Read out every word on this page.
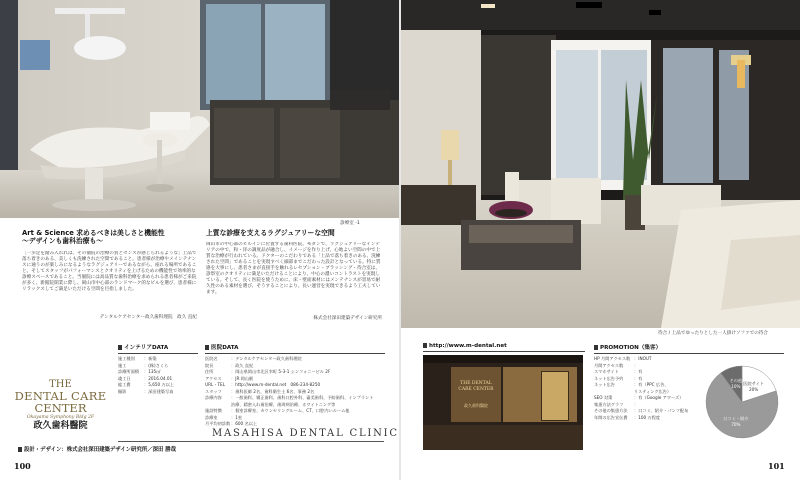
診療室 -1
Art & Science 求めるべきは美しさと機能性
〜デザインも歯科治療も〜
［一歩足を踏み入れれば、その個院の治療の質とセンスが感じられるような」上品で落ち着きのある、美しくも洗練された空間であること。患者様が治療やメインテナンスに通うのが楽しみになるようなラグジュアリーであるながら、座れる場所であること。そしてスタッフがパフォーマンスとクオリティを上げるための機能性で効率的な診療スペースであること。当個院には高品質な歯科治療を求められる患者様がご来院が多く、新館院開業に際し、岡山市中心部のランドマーク的なビルを選び、患者様にリラックスしてご満足いただける空間を目指しました。
デンタルケアセンター政久歯科理院　政久 直紀
上質な診療を支えるラグジュアリーな空間
岡山市の中心部のビルインに位置する歯科医院。モダンで、ラグジュアリーなインテリアの中で、和・洋の調度品が融合し、イメージを作り上げ。心地よい空間の中で上質な治療が行われている。ドクターのこだわりである「上品で落ち着きのある、洗練された空間」であることを実現すべく細部までこだわった設計となっている。特に質感を大事にし、患者さまが直接手を触れるレセプション・ブラッシング・待合室は、診察室のクオリティに満足いただけることにより、中心の濃いコントラストを実現している。そして、長く医院を使うために、床・壁面素材にはメンテナンスが容易で耐久性のある素材を選び、そうすることにより、長い運営を実現できるよう工夫しています。
株式会社深田建築デザイン研究所
インテリアDATA
施工種別	： 新築
施工	： (株)さくら
診療所面積	： 135㎡
竣工日	： 2016.04.01
総工費	： 5,650 万以上
撮影	： 深田建築写真
医院DATA
医院名	： デンタルケアセンター政久歯科理院
院長	： 政久 直紀
住所	： 岡山県岡山市北区幸町 5-3-1 シンフォニービル 2F
アクセス	： JR 岡山駅
URL・TEL	： http://www.m-dental.net　086-234-8250
スタッフ	： 歯科医師 2名、歯科衛生士 6名、事務 2名
診療内容	： 一般歯科、矯正歯科、歯科口腔外科、審美歯科、予防歯科、インプラント
治療、精密入れ歯治療、歯周病治療、ホワイトニング等
施設特徴	： 個室診療室、カウンセリングルーム、CT、口腔内いルーム他
診療室	： 1室
月平均初診数 ： 600 名以上
THE
DENTAL CARE
CENTER
Okayama Symphony Bldg 2F
政久歯科醫院
MASAHISA DENTAL CLINIC
設計・デザイン：株式会社深田建築デザイン研究所／深田 勝哉
100
待合 / 上品でゆったりとした一人掛けソファでの待合
http://www.m-dental.net
THE DENTAL CARE CENTER
政久歯科醫院
PROMOTION（集客）
HP 月間アクセス数 ： INOUT
月間アクセス数	：
スマホサイト	： 有
ネット広告予約	： 有
ネット広告	： 有（PPC 広告、
リスティング広告）
SEO 対策	： 有（Google アワーズ）
集患方法グラフ	：
その他の集患方法	： 口コミ、紹介・パンフ配布
年間の広告宣伝費	： 100 万程度
医院サイト
20%
口コミ・紹介
70%
その他
10%
101
